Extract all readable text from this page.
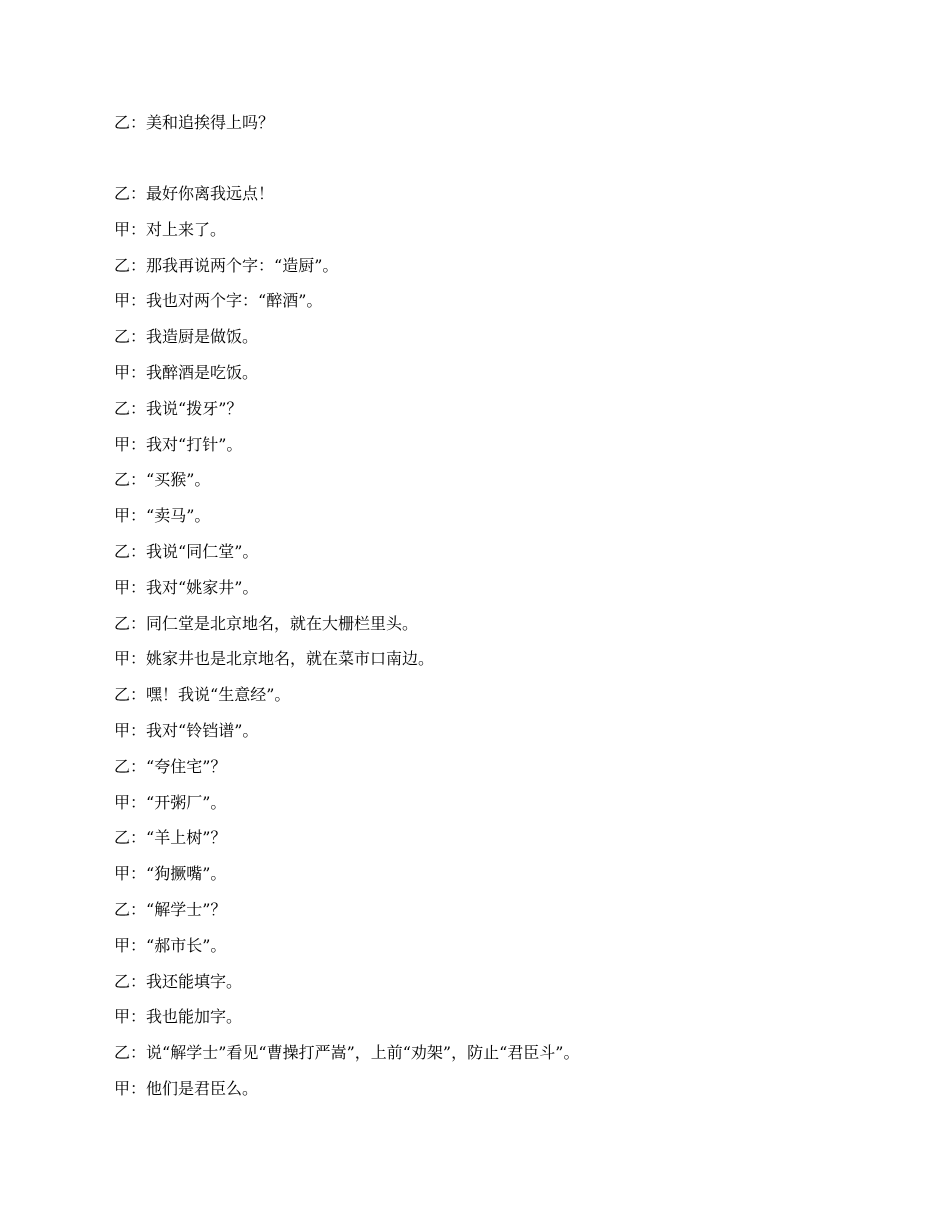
乙：美和追挨得上吗？
乙：最好你离我远点！
甲：对上来了。
乙：那我再说两个字：“造厨”。
甲：我也对两个字：“醉酒”。
乙：我造厨是做饭。
甲：我醉酒是吃饭。
乙：我说“拨牙”？
甲：我对“打针”。
乙：“买猴”。
甲：“卖马”。
乙：我说“同仁堂”。
甲：我对“姚家井”。
乙：同仁堂是北京地名，就在大栅栏里头。
甲：姚家井也是北京地名，就在菜市口南边。
乙：嘿！我说“生意经”。
甲：我对“铃铛谱”。
乙：“夸住宅”？
甲：“开粥厂”。
乙：“羊上树”？
甲：“狗撅嘴”。
乙：“解学士”？
甲：“郝市长”。
乙：我还能填字。
甲：我也能加字。
乙：说“解学士”看见“曹操打严嵩”，上前“劝架”，防止“君臣斗”。
甲：他们是君臣么。
